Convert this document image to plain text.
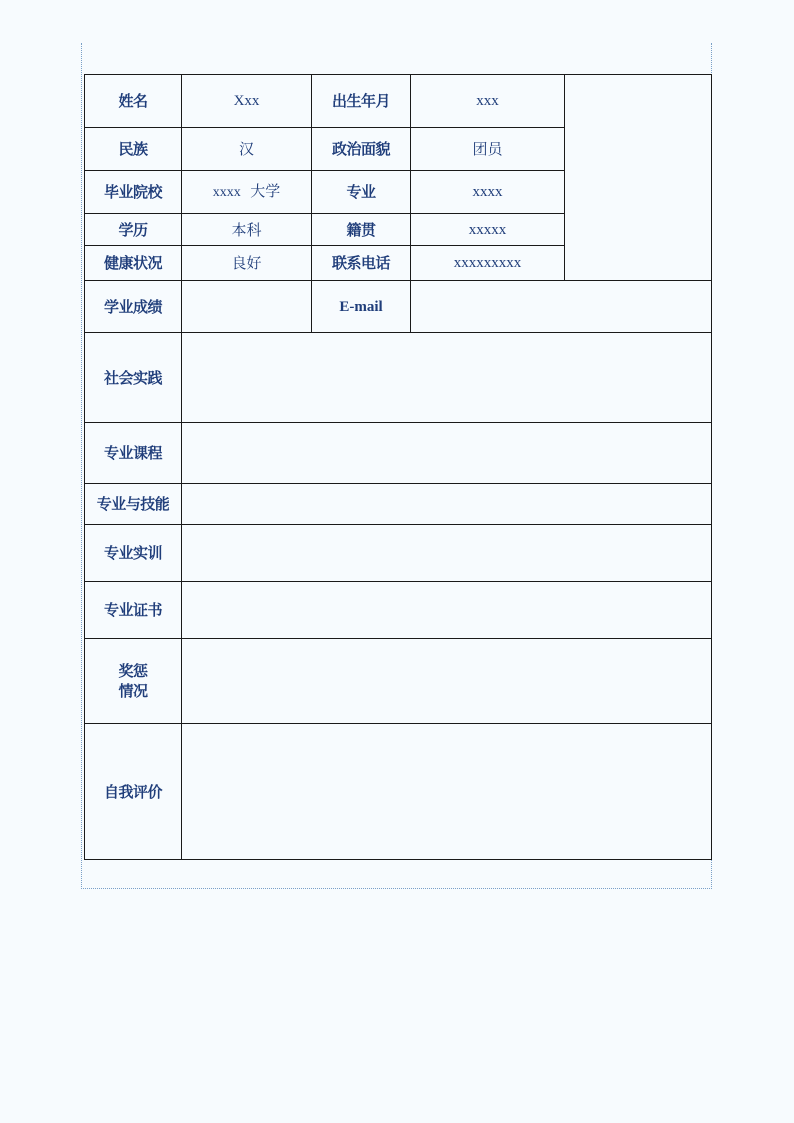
姓名	Xxx	出生年月	xxx	
民族	汉	政治面貌	团员	
毕业院校	xxxx 大学	专业	xxxx	
学历	本科	籍贯	xxxxx	
健康状况	良好	联系电话	xxxxxxxxx	
学业成绩		E-mail		
社会实践				
专业课程				
专业与技能				
专业实训				
专业证书				

奖惩
情况				

自我评价				
